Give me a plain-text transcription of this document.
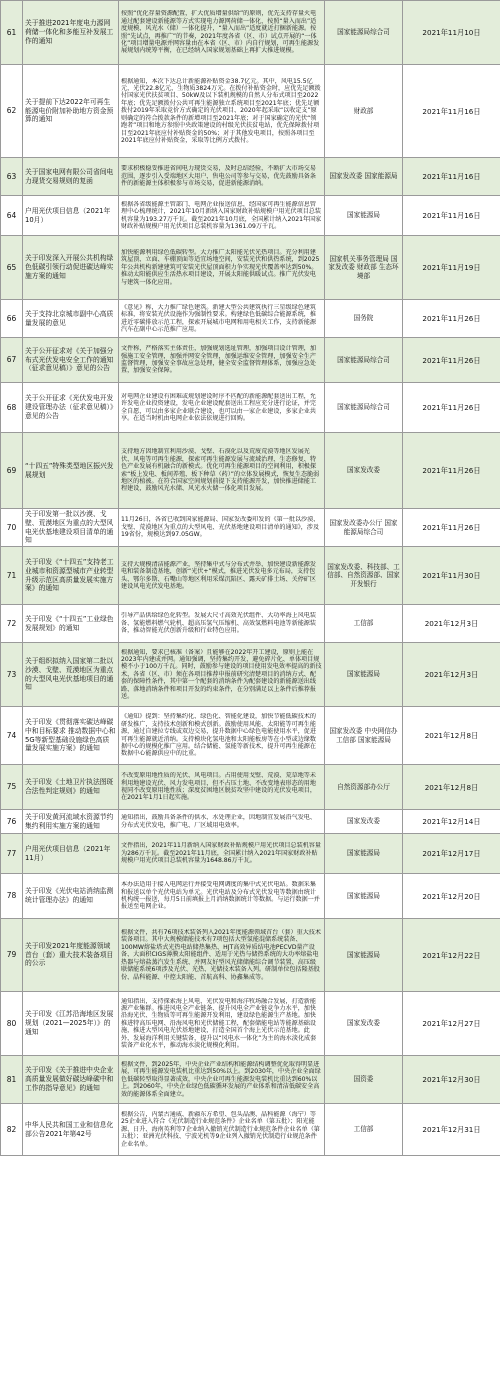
61	关于推进2021年度电力源网荷储一体化和多能互补发展工作的通知	按照“优化存量资源配置，扩大优质增量供给”的原则，优先支持存量火电通过配套建设新能源等方式实现电力源网荷储一体化，按照“量入而出”适度规模、风光水（储）一体化提升，“量入而出”适度就近打捆新能源。按照“先试点，再推广”的节奏，2021年度各省（区、市）试点开展的“一体化”项目增量电源并网容量由在本省（区、市）内自行规划，可再生能源发展规划内统筹平衡，在已经纳入国家规划基础上再扩大推进规模。	国家能源局综合司	2021年11月10日

62	关于提前下达2022年可再生能源电价附加补助地方资金预算的通知	根据通知，本次下达总计新能源补贴资金38.7亿元。其中，风电15.5亿元，光伏22.8亿元，生物质3824万元。在拨付补贴资金时，应优先足额拨付国家光伏扶贫项目、50kW及以下装机规模的自然人分布式项目至2022年底；优先足额拨付公共可再生能源独立系统项目至2021年底；优先足额拨付2019年采取竞价方式确定的光伏项目、2020年起采取“以收定支”原则确定的符合拨款条件的新增项目至2021年底；对于国家确定的光伏“领跑者”项目和地方参照中央政策建设的村级光伏扶贫电站，优先保障拨付项目至2021年底应付补贴资金的50%；对于其他发电项目，按照各项目至2021年底应付补贴资金，采取等比例方式拨付。	财政部	2021年11月16日

63	关于国家电网有限公司省间电力现货交易规则的复函	要求积极稳妥推进省间电力现货交易，及时总结经验，不断扩大市场交易范围，逐步引入受端地区大用户、售电公司等参与交易，优先鼓励具备条件的新能源主体积极参与市场交易，促进新能源消纳。	国家发改委 国家能源局	2021年11月16日

64	户用光伏项目信息（2021年10月）	根据各省级能源主管部门、电网企业报送信息，经国家可再生能源信息管理中心梳理统计，2021年10月新纳入国家财政补贴规模户用光伏项目总装机容量为193.27万千瓦。截至2021年10月底，全国累计纳入2021年国家财政补贴规模户用光伏项目总装机容量为1361.09万千瓦。	国家能源局	2021年11月16日

65	关于印发深入开展公共机构绿色低碳引领行动促进碳达峰实施方案的通知	加快能源利用绿色低碳转型。大力推广太阳能光伏光热项目。充分利用建筑屋顶、立面、车棚顶面等适宜场地空间，安装光伏和供热系统，到2025年公共机构新建建筑可安装光伏屋顶面积力争实现光伏覆盖率达到50%。推动太阳能供应生活热水项目建设，开展太阳能供暖试点。推广光伏发电与建筑一体化应用。	国家机关事务管理局 国家发改委 财政部 生态环境部	2021年11月19日

66	关于支持北京城市副中心高质量发展的意见	《意见》称，大力推广绿色建筑。新建大型公共建筑执行三星级绿色建筑标准，将安装光伏设施作为强制性要求。构建绿色低碳综合能源系统，推进近零碳排放示范工程，探索开展城市电网和用电相关工作，支持新能源汽车在副中心示范推广应用。	国务院	2021年11月26日

67	关于公开征求对《关于加强分布式光伏发电安全工作的通知（征求意见稿）》意见的公告	文件称，严格落实主体责任，加强规划选址管理，加强项目设计管理，加强施工安全管理，加强并网安全管理，加强运维安全管理，加强安全生产监督管理，加强安全事故应急处理，健全安全监督管理体系，加强应急处置，加强安全保障。	国家能源局综合司	2021年11月26日

68	关于公开征求《光伏发电开发建设管理办法（征求意见稿）》意见的公告	对电网企业建设有困难或规划建设时序不匹配的新能源配套送出工程，允许发电企业投资建设，发电企业建设配套送出工程应充分进行论证，并完全自愿，可以由多家企业联合建设，也可以由一家企业建设，多家企业共享。在适当时机由电网企业依法依规进行回购。	国家能源局综合司	2021年11月26日

69	“十四五”特殊类型地区振兴发展规划	支持地方因地制宜利用沙漠、戈壁、石漠化以及荒废荒漠等地区发展光伏、风电等可再生能源，探索可再生能源发展与流域治理、生态修复、特色产业发展有机融合的新模式。优化可再生能源项目的空间利用，积极探索“板上发电、板间养殖、板下种草（药）”的立体发展模式，恢复生态脆弱地区的植被。在符合国家空间规划前提下支持能源开发，加快推进储能工程建设，鼓励风光水储、风光水火储一体化项目发展。	国家发改委	2021年11月26日

70	关于印发第一批以沙漠、戈壁、荒漠地区为重点的大型风电光伏基地建设项目清单的通知	11月26日，各省已收到国家能源局、国家发改委印发的《第一批以沙漠、戈壁、荒漠地区为重点的大型风电、光伏基地建设项目清单的通知》，涉及19省份，规模达到97.05GW。	国家发改委办公厅 国家能源局综合司	2021年11月26日

71	关于印发《“十四五”支持老工业城市和资源型城市产业转型升级示范区高质量发展实施方案》的通知	支持大规模清洁能源产业，坚持集中式与分布式并举，加快建设新能源发电和装备制造基地，创新“光伏+”模式，推进光伏发电多元布局，支持包头、鄂尔多斯、石嘴山等地区利用采煤沉陷区、露天矿排土场、关停矿区建设风电光伏发电基地。	国家发改委、科技部、工信部、自然资源部、国家开发银行	2021年11月30日

72	关于印发《“十四五”工业绿色发展规划》的通知	引导产品供给绿色化转型。发展大尺寸高效光伏组件、大功率海上风电装备、氢能燃料燃气轮机、超高压氢气压缩机、高效氢燃料电池等新能源装备，推动智能光伏创新升级和行业特色应用。	工信部	2021年12月3日

73	关于组织拟纳入国家第二批以沙漠、戈壁、荒漠地区为重点的大型风电光伏基地项目的通知	根据通知，要求已核准（备案）且能够在2022年开工建设，原则上能在2023年内建成并网。通知强调，坚持集约开发，避免碎片化、单体项目规模不小于100万千瓦。同时，鼓励参与建设的项目使用发电效率提高的新技术，各省（区、市）须在各项目推荐申报前研究清楚项目的消纳方式、配套的保障性条件，其中第一个配套的消纳条件为配套建设的新能源送出线路、落地消纳条件和项目开发的约束条件，在分别满足以上条件后推荐报送。	国家能源局	2021年12月3日

74	关于印发《贯彻落实碳达峰碳中和目标要求 推动数据中心和5G等新型基础设施绿色高质量发展实施方案》的通知	《通知》提到：坚持集约化、绿色化、智能化建设，加快节能低碳技术的研发推广，支持技术创新和模式创新。鼓励使用风能、太阳能等可再生能源，通过自建拉专线或双边交易，提升数据中心绿色电能使用水平，促进可再生能源就近消纳。支持模块化氢电池和太阳能板房等在小型或边缘数据中心的规模化推广应用。结合储能、氢能等新技术，提升可再生能源在数据中心能源供应中的比重。	国家发改委 中央网信办 工信部 国家能源局	2021年12月8日

75	关于印发《土地卫片执法图斑合法性判定规则》的通知	不改变原用地性质的光伏、风电项目。占用使用戈壁、荒漠、荒草地等未利用地建设光伏、风力发电项目，但不占压土地、不改变地表形态的用地视同不改变原用地性质；深度贫困地区脱贫攻坚中建设的光伏发电项目，在2021年1月1日起实施。	自然资源部办公厅	2021年12月8日

76	关于印发黄河流域水资源节约集约利用实施方案的通知	通知指出，鼓励具备条件的供水、水处理企业，因地制宜发展沿气发电、分布式光伏发电，推广电、厂区域用电效率。	国家发改委	2021年12月14日

77	户用光伏项目信息（2021年11月）	文件指出，2021年11月新纳入国家财政补贴规模户用光伏项目总装机容量为286万千瓦。截至2021年11月底，全国累计纳入2021年国家财政补贴规模户用光伏项目总装机容量为1648.86万千瓦。	国家能源局	2021年12月17日

78	关于印发《光伏电站消纳监测统计管理办法》的通知	本办法适用于接入电网运行并接受电网调度的集中式光伏电站。数据采集和报送以单个光伏电站为单元。光伏电站及分布式光伏发电等数据由统计机构统一报送，每月5日前填报上月消纳数据统计等数据。与运行数据一并报送至电网企业。	国家能源局	2021年12月20日

79	关于印发2021年度能源领域首台（套）重大技术装备项目的公示	根据文件，共有76项技术装备列入2021年度能源领域首台（套）重大技术装备项目。其中大规模储能技术有7项包括大型氢能混储系统装备、100MW熔盐塔式光热电站储热集热、HJT高效异质结电池PECVD量产设备、大面积CIGS薄膜太阳能组件、适用于光热与储热系统的大功率熔盐电热器与熔盐蒸汽发生系统、并网友好型风光储储能综合调节装置、高压级联储能系统6项涉及光伏、光热、光储技术装备入列。研制单位包括隆基股份、晶科能源、中控太阳能、首航高科、协鑫集成等。	国家能源局	2021年12月22日

80	关于印发《江苏沿海地区发展规划（2021—2025年）》的通知	通知指出，支持探索海上风电、光伏发电和海洋牧场融合发展，打造新能源产业集群。推进风电全产业链条、提升风电全产业链竞争力水平，加快沿海光伏、生物质等可再生能源开发利用，建设绿色能源生产基地。加快推进特高压电网、沿海风电和光伏储能工程，配套储能电站等能源基础设施，推进大型风电光伏基地建设，打造全国首个海上光伏示范基地。此外，发展海洋利用关键装备，提升以“风电水一体化”为主的海水淡化成套装备产业化水平，推动海水淡化规模化利用。	国家发改委	2021年12月27日

81	关于印发《关于推进中央企业高质量发展做好碳达峰碳中和工作的指导意见》的通知	根据文件，到2025年，中央企业产业结构和能源结构调整优化取得明显进展，可再生能源发电装机比重达到50%以上。到2030年，中央企业全面绿色低碳转型取得显著成效，中央企业可再生能源发电装机比重达到60%以上。到2060年，中央企业绿色低碳循环发展的产业体系和清洁低碳安全高效的能源体系全面建立。	国资委	2021年12月30日

82	中华人民共和国工业和信息化部公告2021年第42号	根据公告，内蒙古通威、新疆东方希望、包头晶澳、晶科能源（海宁）等25企业进入符合《光伏制造行业规范条件》企业名单（第五批）；阳光能源、日升、海南英利等7企业纳入撤销光伏制造行业规范条件企业名单（第五批）；亚洲光伏科技、宁波光机等9企业列入撤销光伏制造行业规范条件企业名单。	工信部	2021年12月31日
